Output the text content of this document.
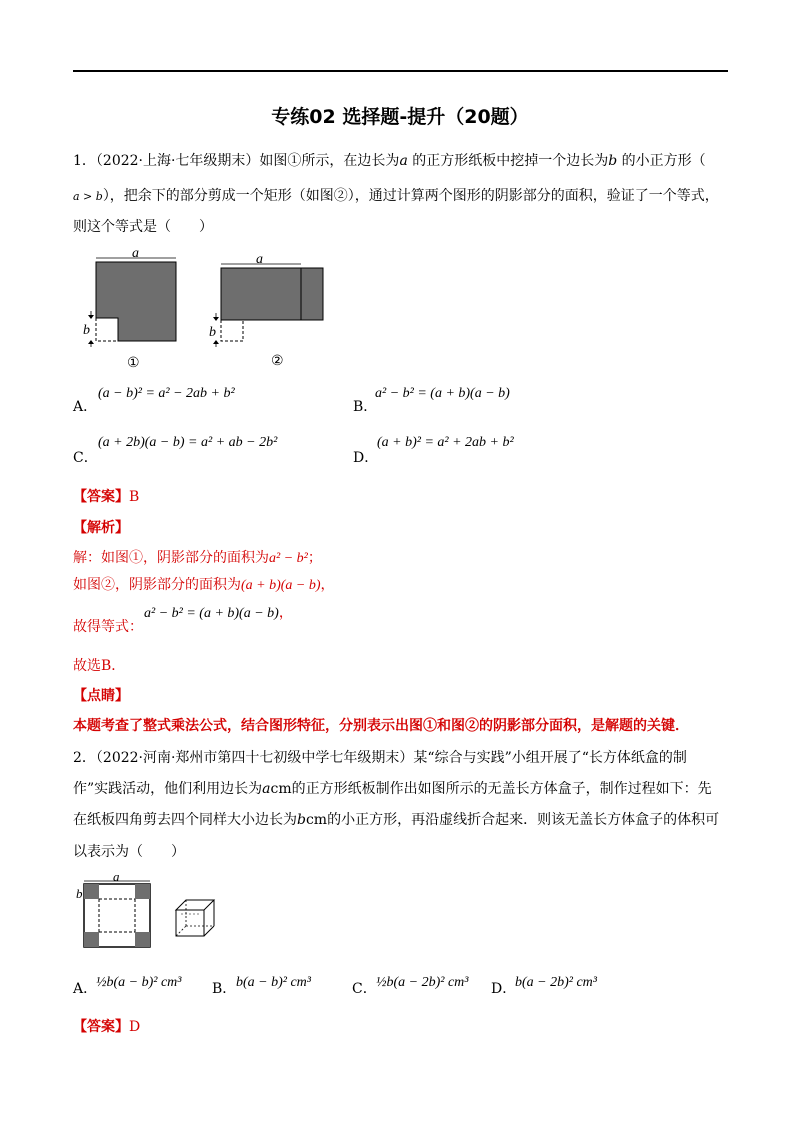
专练02 选择题-提升（20题）
1．（2022·上海·七年级期末）如图①所示，在边长为a 的正方形纸板中挖掉一个边长为b 的小正方形（
a > b），把余下的部分剪成一个矩形（如图②），通过计算两个图形的阴影部分的面积，验证了一个等式，
则这个等式是（　　）
a
b
①
a
b
②
A．
(a − b)² = a² − 2ab + b²
B．
a² − b² = (a + b)(a − b)
C．
(a + 2b)(a − b) = a² + ab − 2b²
D．
(a + b)² = a² + 2ab + b²
【答案】B
【解析】
解：如图①，阴影部分的面积为a² − b²；
如图②，阴影部分的面积为(a + b)(a − b)，
故得等式：
a² − b² = (a + b)(a − b)，
故选B．
【点睛】
本题考查了整式乘法公式，结合图形特征，分别表示出图①和图②的阴影部分面积，是解题的关键．
2．（2022·河南·郑州市第四十七初级中学七年级期末）某“综合与实践”小组开展了“长方体纸盒的制
作”实践活动，他们利用边长为acm的正方形纸板制作出如图所示的无盖长方体盒子，制作过程如下：先
在纸板四角剪去四个同样大小边长为bcm的小正方形，再沿虚线折合起来．则该无盖长方体盒子的体积可
以表示为（　　）
a
b
A．
½b(a − b)² cm³ B． b(a − b)² cm³	C． ½b(a − 2b)² cm³ D．
b(a − 2b)² cm³
【答案】D
